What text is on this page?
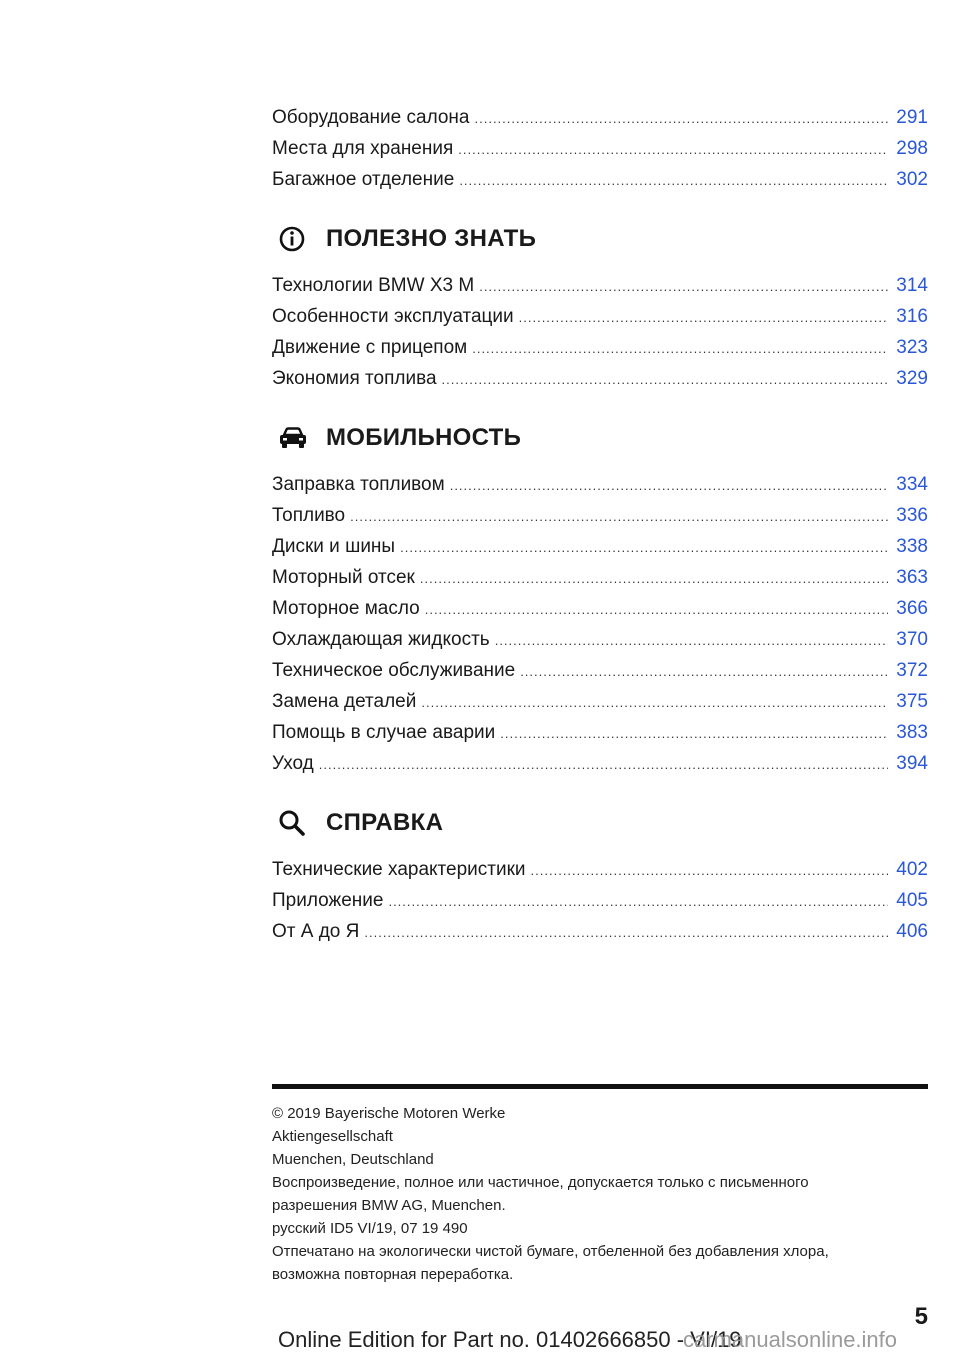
Оборудование салона .....	291
Места для хранения .....	298
Багажное отделение .....	302
ПОЛЕЗНО ЗНАТЬ
Технологии BMW X3 M .....	314
Особенности эксплуатации .....	316
Движение с прицепом .....	323
Экономия топлива .....	329
МОБИЛЬНОСТЬ
Заправка топливом .....	334
Топливо .....	336
Диски и шины .....	338
Моторный отсек .....	363
Моторное масло .....	366
Охлаждающая жидкость .....	370
Техническое обслуживание .....	372
Замена деталей .....	375
Помощь в случае аварии .....	383
Уход .....	394
СПРАВКА
Технические характеристики .....	402
Приложение .....	405
От А до Я .....	406
© 2019 Bayerische Motoren Werke
Aktiengesellschaft
Muenchen, Deutschland
Воспроизведение, полное или частичное, допускается только с письменного
разрешения BMW AG, Muenchen.
русский ID5 VI/19, 07 19 490
Отпечатано на экологически чистой бумаге, отбеленной без добавления хлора,
возможна повторная переработка.
5
Online Edition for Part no. 01402666850 - VI/19
carmanualsonline.info
